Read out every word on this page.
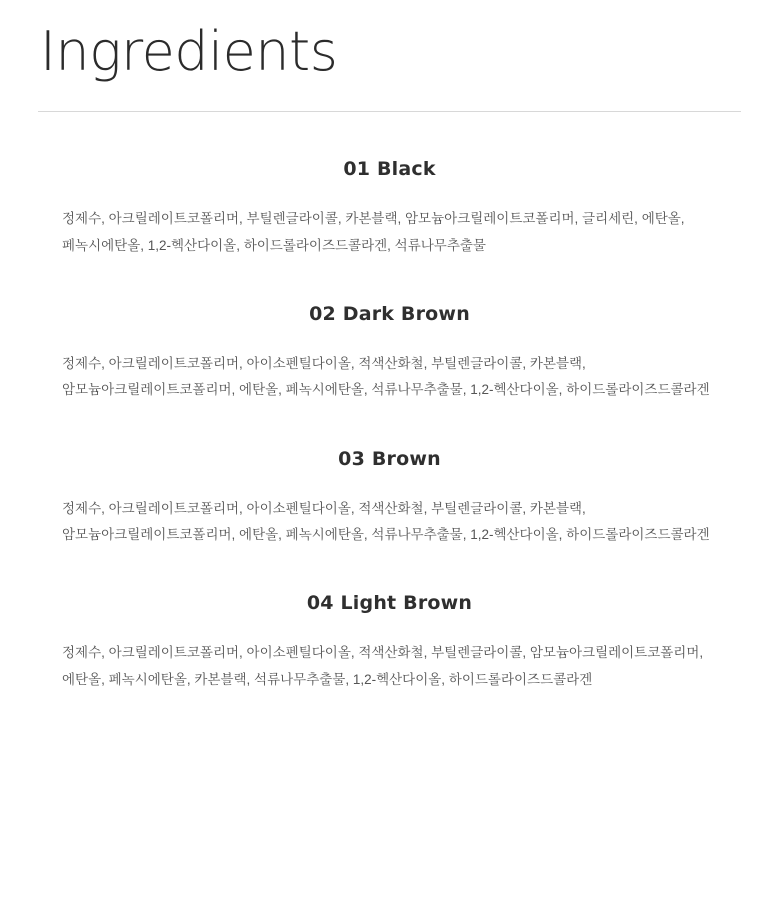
Ingredients
01 Black
정제수, 아크릴레이트코폴리머, 부틸렌글라이콜, 카본블랙, 암모늄아크릴레이트코폴리머, 글리세린, 에탄올, 페녹시에탄올, 1,2-헥산다이올, 하이드롤라이즈드콜라겐, 석류나무추출물
02 Dark Brown
정제수, 아크릴레이트코폴리머, 아이소펜틸다이올, 적색산화철, 부틸렌글라이콜, 카본블랙, 암모늄아크릴레이트코폴리머, 에탄올, 페녹시에탄올, 석류나무추출물, 1,2-헥산다이올, 하이드롤라이즈드콜라겐
03 Brown
정제수, 아크릴레이트코폴리머, 아이소펜틸다이올, 적색산화철, 부틸렌글라이콜, 카본블랙, 암모늄아크릴레이트코폴리머, 에탄올, 페녹시에탄올, 석류나무추출물, 1,2-헥산다이올, 하이드롤라이즈드콜라겐
04 Light Brown
정제수, 아크릴레이트코폴리머, 아이소펜틸다이올, 적색산화철, 부틸렌글라이콜, 암모늄아크릴레이트코폴리머, 에탄올, 페녹시에탄올, 카본블랙, 석류나무추출물, 1,2-헥산다이올, 하이드롤라이즈드콜라겐
